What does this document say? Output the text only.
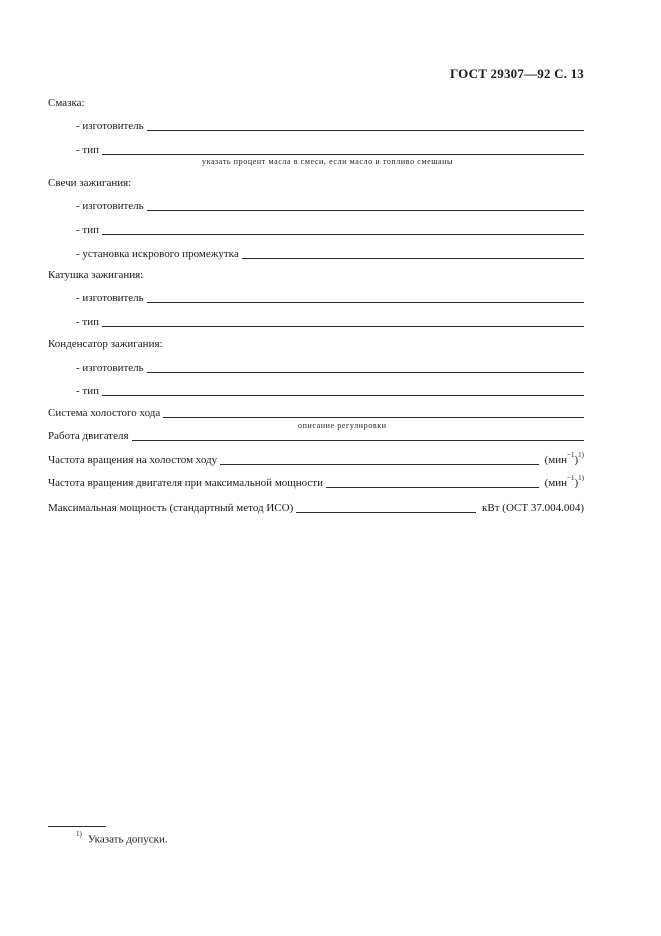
ГОСТ 29307—92 С. 13
Смазка:
- изготовитель
- тип
указать процент масла в смеси, если масло и топливо смешаны
Свечи зажигания:
- изготовитель
- тип
- установка искрового промежутка
Катушка зажигания:
- изготовитель
- тип
Конденсатор зажигания:
- изготовитель
- тип
Система холостого хода
описание регулировки
Работа двигателя
Частота вращения на холостом ходу	$(мин^{-1})^{1)}$
Частота вращения двигателя при максимальной мощности	$(мин^{-1})^{1)}$
Максимальная мощность (стандартный метод ИСО)	кВт (ОСТ 37.004.004)
$^{1)}$ Указать допуски.
